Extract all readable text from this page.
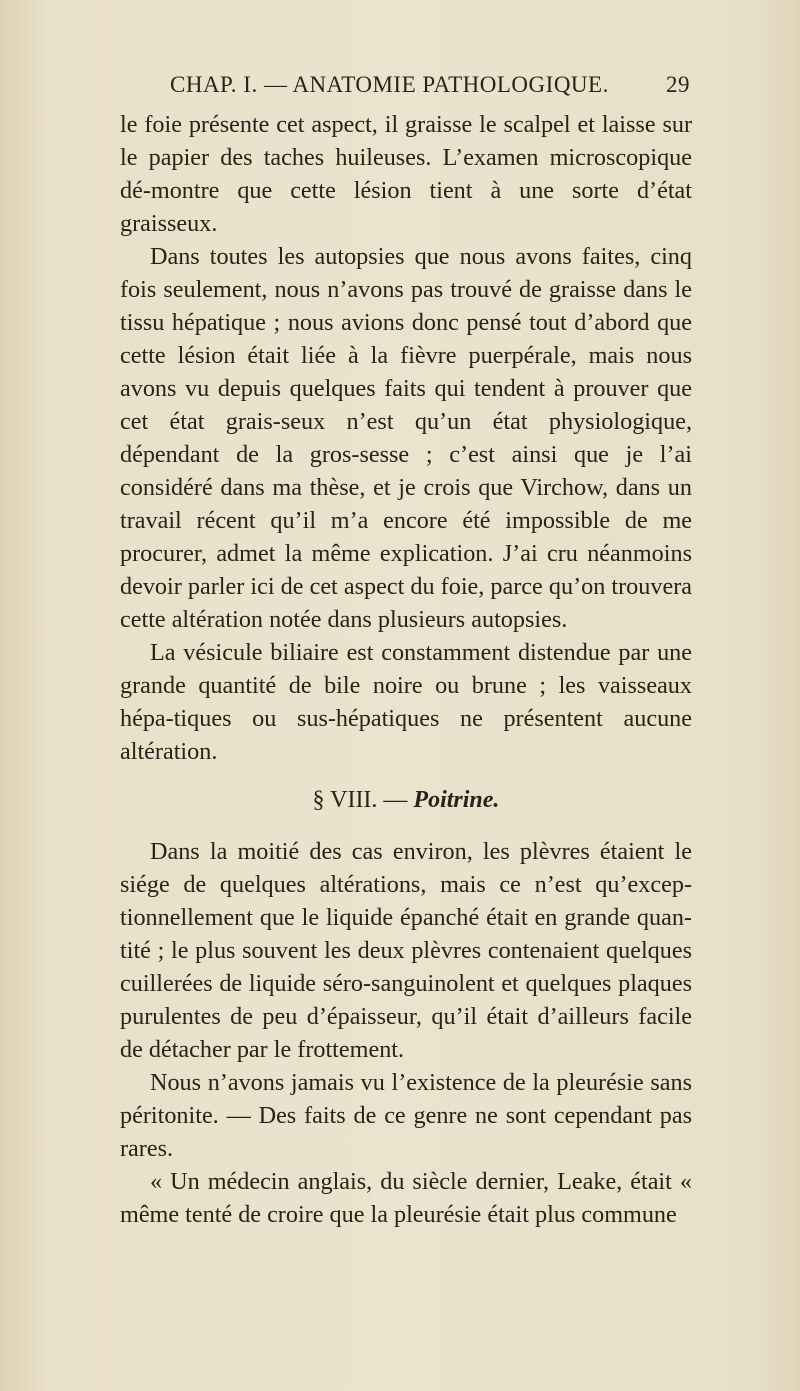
CHAP. I. — ANATOMIE PATHOLOGIQUE. 29

le foie présente cet aspect, il graisse le scalpel et laisse sur le papier des taches huileuses. L’examen microscopique dé-montre que cette lésion tient à une sorte d’état graisseux.

Dans toutes les autopsies que nous avons faites, cinq fois seulement, nous n’avons pas trouvé de graisse dans le tissu hépatique ; nous avions donc pensé tout d’abord que cette lésion était liée à la fièvre puerpérale, mais nous avons vu depuis quelques faits qui tendent à prouver que cet état grais-seux n’est qu’un état physiologique, dépendant de la gros-sesse ; c’est ainsi que je l’ai considéré dans ma thèse, et je crois que Virchow, dans un travail récent qu’il m’a encore été impossible de me procurer, admet la même explication. J’ai cru néanmoins devoir parler ici de cet aspect du foie, parce qu’on trouvera cette altération notée dans plusieurs autopsies.

La vésicule biliaire est constamment distendue par une grande quantité de bile noire ou brune ; les vaisseaux hépa-tiques ou sus-hépatiques ne présentent aucune altération.

§ VIII. — Poitrine.

Dans la moitié des cas environ, les plèvres étaient le siége de quelques altérations, mais ce n’est qu’excep-tionnellement que le liquide épanché était en grande quan-tité ; le plus souvent les deux plèvres contenaient quelques cuillerées de liquide séro-sanguinolent et quelques plaques purulentes de peu d’épaisseur, qu’il était d’ailleurs facile de détacher par le frottement.

Nous n’avons jamais vu l’existence de la pleurésie sans péritonite. — Des faits de ce genre ne sont cependant pas rares.

« Un médecin anglais, du siècle dernier, Leake, était « même tenté de croire que la pleurésie était plus commune
